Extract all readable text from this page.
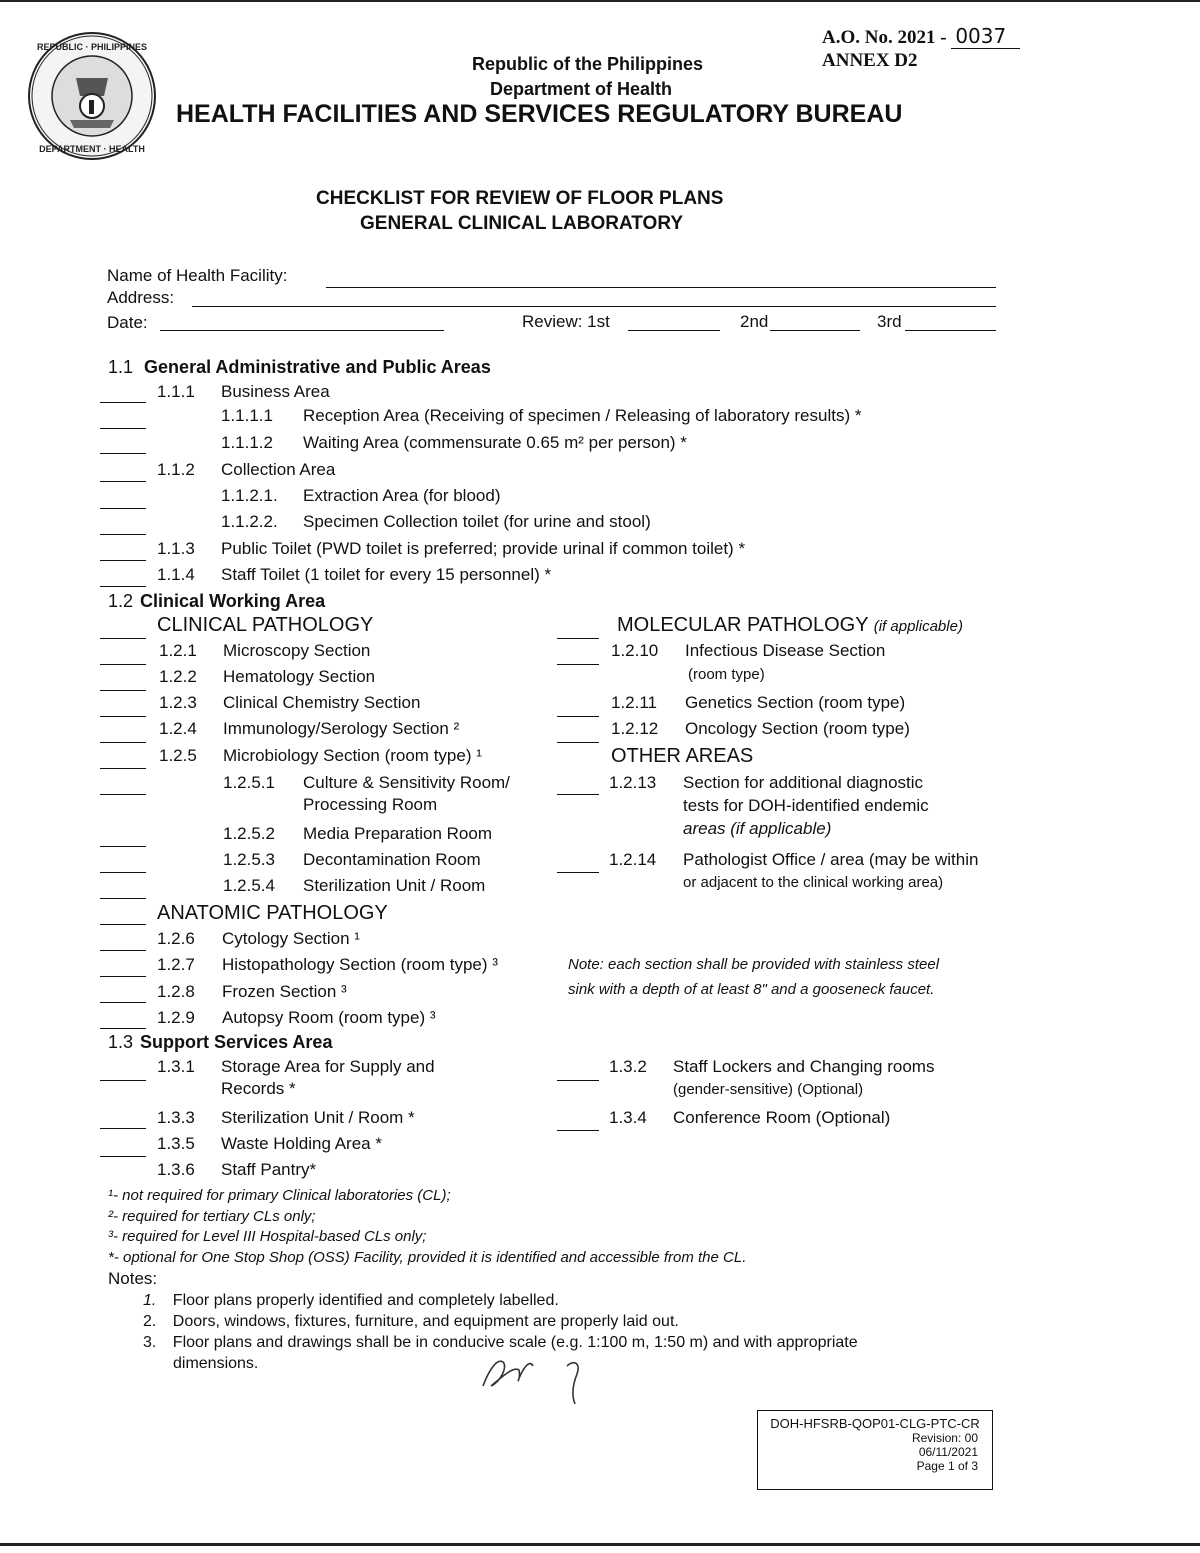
REPUBLIC · PHILIPPINES
DEPARTMENT · HEALTH
A.O. No. 2021 - 0037
ANNEX D2
Republic of the Philippines
Department of Health
HEALTH FACILITIES AND SERVICES REGULATORY BUREAU
CHECKLIST FOR REVIEW OF FLOOR PLANS
GENERAL CLINICAL LABORATORY
Name of Health Facility:
Address:
Date:	Review: 1st	2nd	3rd
1.1 General Administrative and Public Areas
1.1.1 Business Area
1.1.1.1 Reception Area (Receiving of specimen / Releasing of laboratory results) *
1.1.1.2 Waiting Area (commensurate 0.65 m² per person) *
1.1.2 Collection Area
1.1.2.1. Extraction Area (for blood)
1.1.2.2. Specimen Collection toilet (for urine and stool)
1.1.3 Public Toilet (PWD toilet is preferred; provide urinal if common toilet) *
1.1.4 Staff Toilet (1 toilet for every 15 personnel) *
1.2 Clinical Working Area
CLINICAL PATHOLOGY
1.2.1 Microscopy Section
1.2.2 Hematology Section
1.2.3 Clinical Chemistry Section
1.2.4 Immunology/Serology Section ²
1.2.5 Microbiology Section (room type) ¹
1.2.5.1 Culture & Sensitivity Room/
Processing Room
1.2.5.2 Media Preparation Room
1.2.5.3 Decontamination Room
1.2.5.4 Sterilization Unit / Room
ANATOMIC PATHOLOGY
1.2.6 Cytology Section ¹
1.2.7 Histopathology Section (room type) ³
1.2.8 Frozen Section ³
1.2.9 Autopsy Room (room type) ³
MOLECULAR PATHOLOGY (if applicable)
1.2.10 Infectious Disease Section
(room type)
1.2.11 Genetics Section (room type)
1.2.12 Oncology Section (room type)
OTHER AREAS
1.2.13 Section for additional diagnostic
tests for DOH-identified endemic
areas (if applicable)
1.2.14 Pathologist Office / area (may be within
or adjacent to the clinical working area)
Note: each section shall be provided with stainless steel
sink with a depth of at least 8" and a gooseneck faucet.
1.3 Support Services Area
1.3.1 Storage Area for Supply and
Records *
1.3.3 Sterilization Unit / Room *
1.3.5 Waste Holding Area *
1.3.6 Staff Pantry*
1.3.2 Staff Lockers and Changing rooms
(gender-sensitive) (Optional)
1.3.4 Conference Room (Optional)
¹- not required for primary Clinical laboratories (CL);
²- required for tertiary CLs only;
³- required for Level III Hospital-based CLs only;
*- optional for One Stop Shop (OSS) Facility, provided it is identified and accessible from the CL.
Notes:
1. Floor plans properly identified and completely labelled.
2. Doors, windows, fixtures, furniture, and equipment are properly laid out.
3. Floor plans and drawings shall be in conducive scale (e.g. 1:100 m, 1:50 m) and with appropriate
dimensions.
DOH-HFSRB-QOP01-CLG-PTC-CR
Revision: 00
06/11/2021
Page 1 of 3
